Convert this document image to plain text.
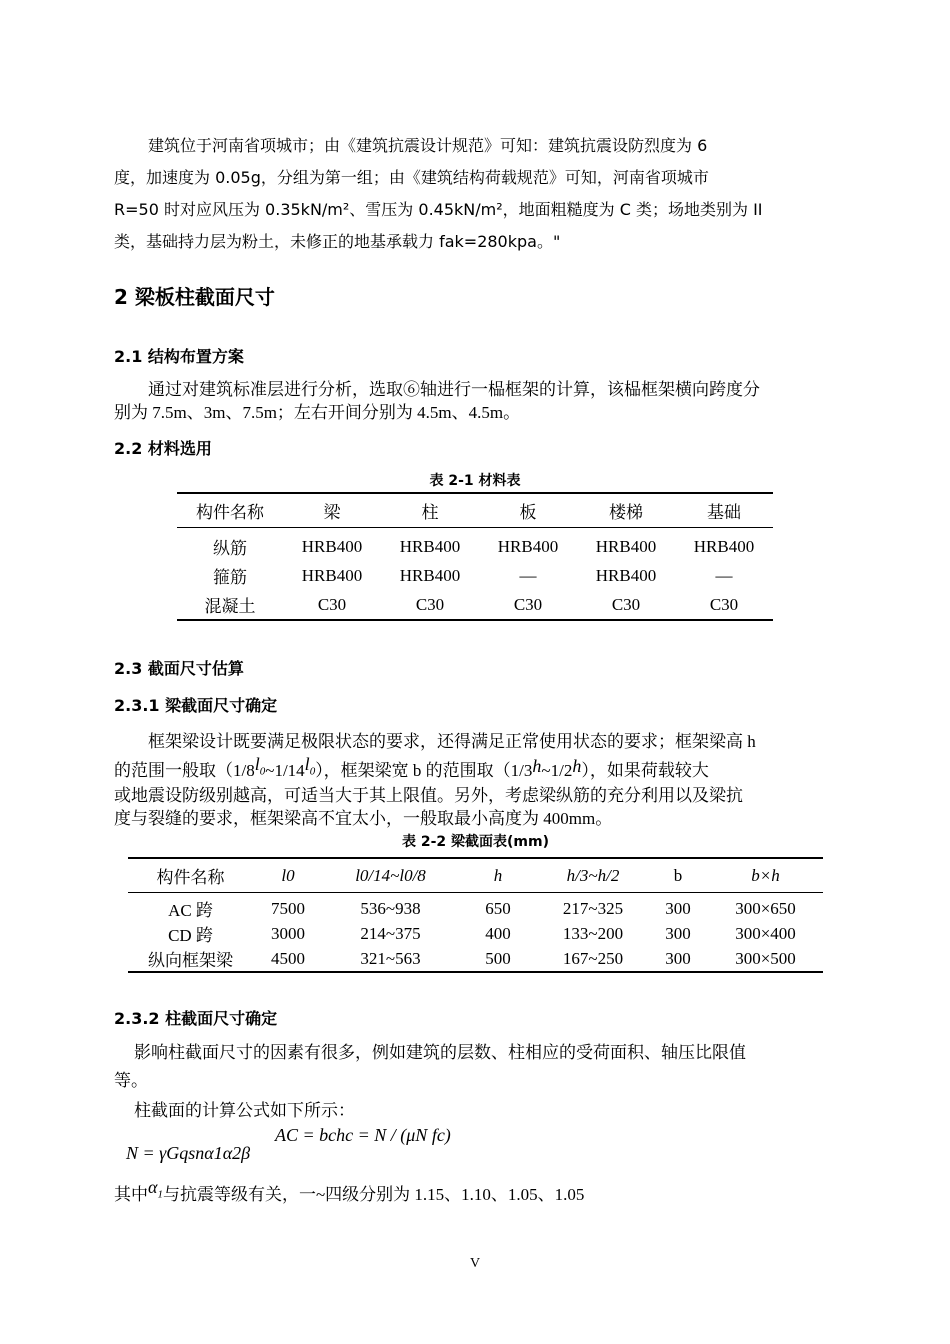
建筑位于河南省项城市；由《建筑抗震设计规范》可知：建筑抗震设防烈度为 6
度，加速度为 0.05g，分组为第一组；由《建筑结构荷载规范》可知，河南省项城市
R=50 时对应风压为 0.35kN/m²、雪压为 0.45kN/m²，地面粗糙度为 C 类；场地类别为 II
类，基础持力层为粉土，未修正的地基承载力 fak=280kpa。"
2 梁板柱截面尺寸
2.1 结构布置方案
通过对建筑标准层进行分析，选取⑥轴进行一榀框架的计算，该榀框架横向跨度分
别为 7.5m、3m、7.5m；左右开间分别为 4.5m、4.5m。
2.2 材料选用
表 2-1 材料表
构件名称	梁	柱	板	楼梯	基础
纵筋	HRB400	HRB400	HRB400	HRB400	HRB400
箍筋	HRB400	HRB400	—	HRB400	—
混凝土	C30	C30	C30	C30	C30
2.3 截面尺寸估算
2.3.1 梁截面尺寸确定
框架梁设计既要满足极限状态的要求，还得满足正常使用状态的要求；框架梁高 h
的范围一般取$(1/8l_0\sim 1/14l_0)$，框架梁宽 b 的范围取（1/3h~1/2h），如果荷载较大
或地震设防级别越高，可适当大于其上限值。另外，考虑梁纵筋的充分利用以及梁抗
度与裂缝的要求，框架梁高不宜太小，一般取最小高度为 400mm。
表 2-2 梁截面表(mm)
构件名称	l0	l0/14~l0/8	h	h/3~h/2	b	b×h
AC 跨	7500	536~938	650	217~325	300	300×650
CD 跨	3000	214~375	400	133~200	300	300×400
纵向框架梁	4500	321~563	500	167~250	300	300×500
2.3.2 柱截面尺寸确定
影响柱截面尺寸的因素有很多，例如建筑的层数、柱相应的受荷面积、轴压比限值
等。
柱截面的计算公式如下所示：
N = γGqsnα1α2β
AC = bchc = N / (μN fc)
其中$\alpha_1$与抗震等级有关，一~四级分别为 1.15、1.10、1.05、1.05
V
